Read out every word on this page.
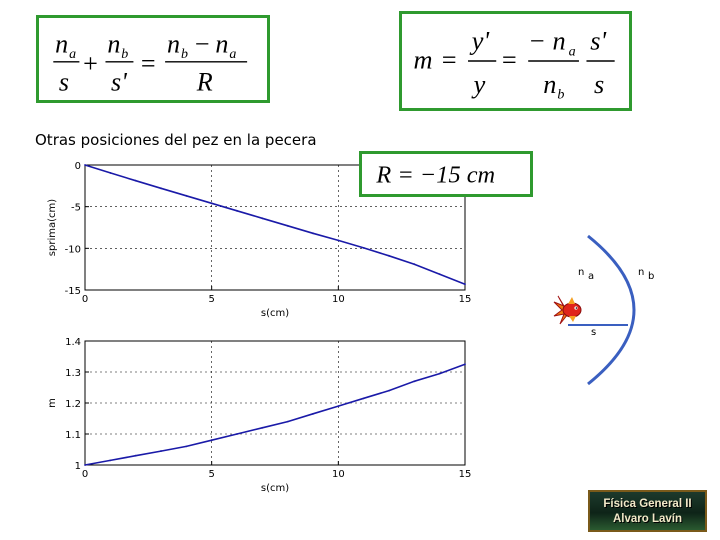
n a
s
+
n b
s'
=
n b − n a
R
m =
y'
y
=
− n a
n b
s'
s
Otras posiciones del pez en la pecera
0	5	10	15
0
-5
-10
-15
s(cm)
sprima(cm)
0	5	10	15
1.4
1.3
1.2
1.1
1
s(cm)
m
R = −15 cm
n a	n b
s
Física General II
Alvaro Lavín
